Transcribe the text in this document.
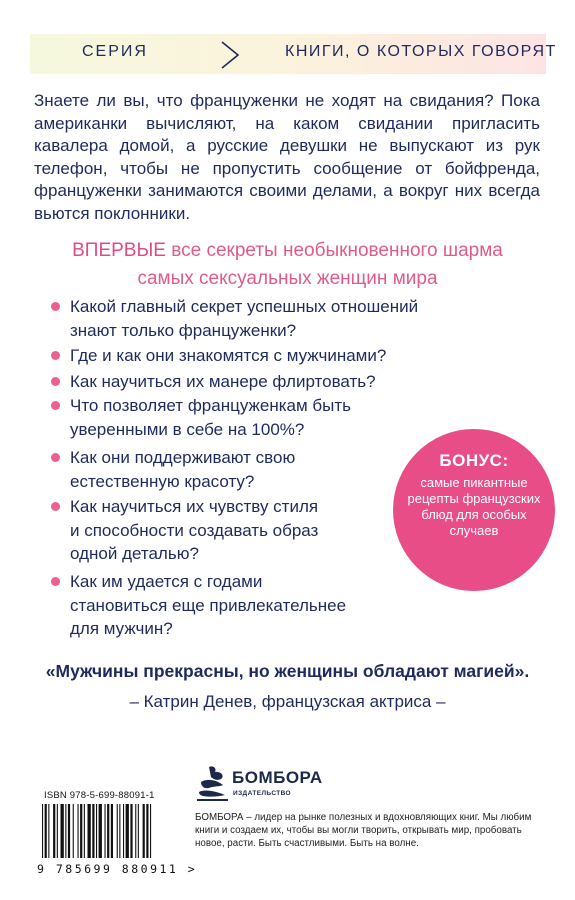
СЕРИЯ	КНИГИ, О КОТОРЫХ ГОВОРЯТ

Знаете ли вы, что француженки не ходят на свидания? Пока американки вычисляют, на каком свидании пригласить кавалера домой, а русские девушки не выпускают из рук телефон, чтобы не пропустить сообщение от бойфренда, француженки занимаются своими делами, а вокруг них всегда вьются поклонники.

ВПЕРВЫЕ все секреты необыкновенного шарма
самых сексуальных женщин мира

Какой главный секрет успешных отношений
знают только француженки?
Где и как они знакомятся с мужчинами?
Как научиться их манере флиртовать?
Что позволяет француженкам быть
уверенными в себе на 100%?
Как они поддерживают свою
естественную красоту?
Как научиться их чувству стиля
и способности создавать образ
одной деталью?
Как им удается с годами
становиться еще привлекательнее
для мужчин?
БОНУС:
самые пикантные рецепты французских блюд для особых случаев

«Мужчины прекрасны, но женщины обладают магией».

– Катрин Денев, французская актриса –

ISBN 978-5-699-88091-1
9 785699 880911 >
БОМБОРА
ИЗДАТЕЛЬСТВО

БОМБОРА – лидер на рынке полезных и вдохновляющих книг. Мы любим книги и создаем их, чтобы вы могли творить, открывать мир, пробовать новое, расти. Быть счастливыми. Быть на волне.
